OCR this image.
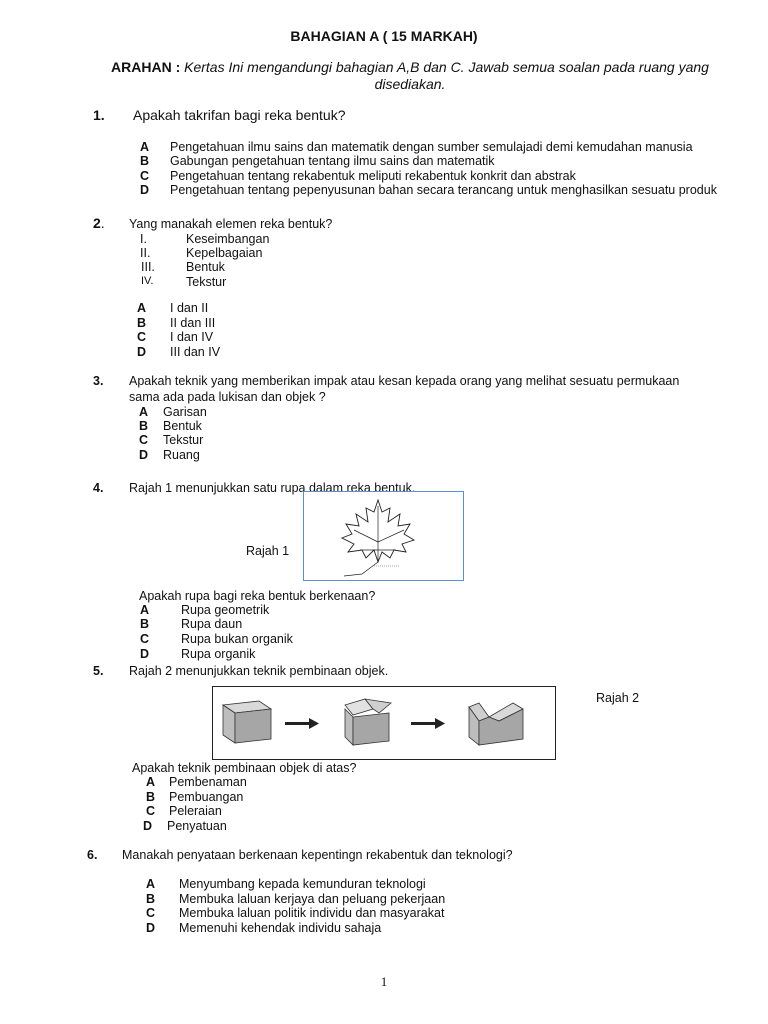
BAHAGIAN A ( 15 MARKAH)
ARAHAN : Kertas Ini mengandungi bahagian A,B dan C. Jawab semua soalan pada ruang yang disediakan.
1. Apakah takrifan bagi reka bentuk?
A Pengetahuan ilmu sains dan matematik dengan sumber semulajadi demi kemudahan manusia
B Gabungan pengetahuan tentang ilmu sains dan matematik
C Pengetahuan tentang rekabentuk meliputi rekabentuk konkrit dan abstrak
D Pengetahuan tentang pepenyusunan bahan secara terancang untuk menghasilkan sesuatu produk
2. Yang manakah elemen reka bentuk?
I.	Keseimbangan
II.	Kepelbagaian
III. Bentuk
IV.	Tekstur
A I dan II
B II dan III
C I dan IV
D III dan IV
3. Apakah teknik yang memberikan impak atau kesan kepada orang yang melihat sesuatu permukaan
sama ada pada lukisan dan objek ?
A Garisan
B Bentuk
C Tekstur
D Ruang
4. Rajah 1 menunjukkan satu rupa dalam reka bentuk.
Rajah 1
Apakah rupa bagi reka bentuk berkenaan?
A	Rupa geometrik
B	Rupa daun
C	Rupa bukan organik
D	Rupa organik
5. Rajah 2 menunjukkan teknik pembinaan objek.
Rajah 2
Apakah teknik pembinaan objek di atas?
A Pembenaman
B Pembuangan
C Peleraian
D Penyatuan
6. Manakah penyataan berkenaan kepentingn rekabentuk dan teknologi?
A Menyumbang kepada kemunduran teknologi
B Membuka laluan kerjaya dan peluang pekerjaan
C Membuka laluan politik individu dan masyarakat
D Memenuhi kehendak individu sahaja
1
